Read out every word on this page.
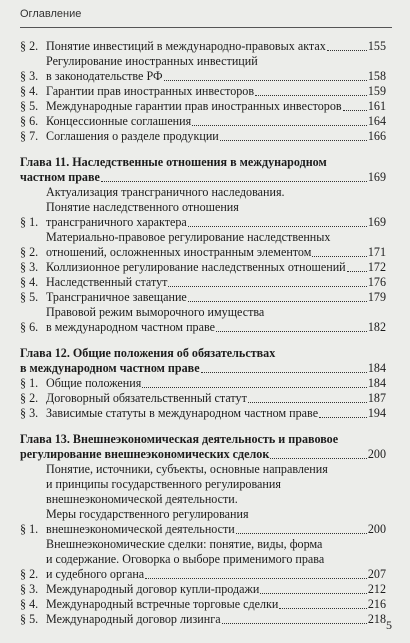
Оглавление
§ 2. Понятие инвестиций в международно-правовых актах	155
§ 3.
Регулирование иностранных инвестиций
в законодательстве РФ	158
§ 4. Гарантии прав иностранных инвесторов	159
§ 5. Международные гарантии прав иностранных инвесторов 161
§ 6. Концессионные соглашения	164
§ 7. Соглашения о разделе продукции	166
Глава 11. Наследственные отношения в международном
частном праве	169
§ 1.
Актуализация трансграничного наследования.
Понятие наследственного отношения
трансграничного характера	169
§ 2.
Материально-правовое регулирование наследственных
отношений, осложненных иностранным элементом	171
§ 3. Коллизионное регулирование наследственных отношений 172
§ 4. Наследственный статут	176
§ 5. Трансграничное завещание	179
§ 6.
Правовой режим выморочного имущества
в международном частном праве	182
Глава 12. Общие положения об обязательствах
в международном частном праве	184
§ 1. Общие положения	184
§ 2. Договорный обязательственный статут	187
§ 3. Зависимые статуты в международном частном праве	194
Глава 13. Внешнеэкономическая деятельность и правовое
регулирование внешнеэкономических сделок	200
§ 1.
Понятие, источники, субъекты, основные направления
и принципы государственного регулирования
внешнеэкономической деятельности.
Меры государственного регулирования
внешнеэкономической деятельности	200
§ 2.
Внешнеэкономические сделки: понятие, виды, форма
и содержание. Оговорка о выборе применимого права
и судебного органа	207
§ 3. Международный договор купли-продажи	212
§ 4. Международный встречные торговые сделки	216
§ 5. Международный договор лизинга	218 5
